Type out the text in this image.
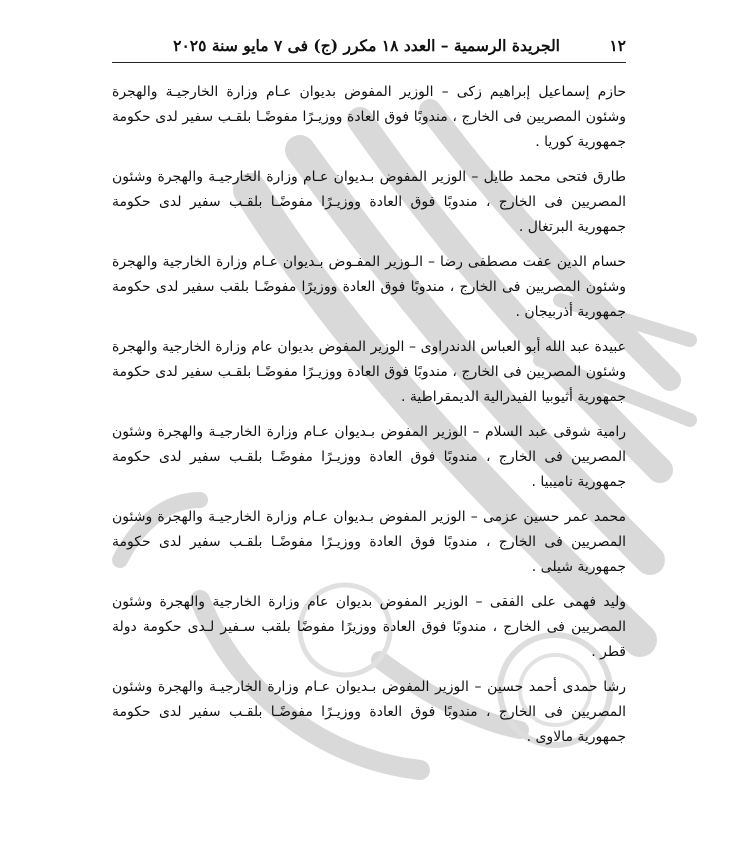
١٢
الجريدة الرسمية – العدد ١٨ مكرر (ج) فى ٧ مايو سنة ٢٠٢٥

حازم إسماعيل إبراهيم زكى – الوزير المفوض بديوان عـام وزارة الخارجيـة والهجرة وشئون المصريين فى الخارج ، مندوبًا فوق العادة ووزيـرًا مفوضًـا بلقـب سفير لدى حكومة جمهورية كوريا .

طارق فتحى محمد طايل – الوزير المفوض بـديوان عـام وزارة الخارجيـة والهجرة وشئون المصريين فى الخارج ، مندوبًا فوق العادة ووزيـرًا مفوضًـا بلقـب سفير لدى حكومة جمهورية البرتغال .

حسام الدين عفت مصطفى رضا – الـوزير المفـوض بـديوان عـام وزارة الخارجية والهجرة وشئون المصريين فى الخارج ، مندوبًا فوق العادة ووزيرًا مفوضًـا بلقب سفير لدى حكومة جمهورية أذربيجان .

عبيدة عبد الله أبو العباس الدندراوى – الوزير المفوض بديوان عام وزارة الخارجية والهجرة وشئون المصريين فى الخارج ، مندوبًا فوق العادة ووزيـرًا مفوضًـا بلقـب سفير لدى حكومة جمهورية أثيوبيا الفيدرالية الديمقراطية .

رامية شوقى عبد السلام – الوزير المفوض بـديوان عـام وزارة الخارجيـة والهجرة وشئون المصريين فى الخارج ، مندوبًا فوق العادة ووزيـرًا مفوضًـا بلقـب سفير لدى حكومة جمهورية ناميبيا .

محمد عمر حسين عزمى – الوزير المفوض بـديوان عـام وزارة الخارجيـة والهجرة وشئون المصريين فى الخارج ، مندوبًا فوق العادة ووزيـرًا مفوضًـا بلقـب سفير لدى حكومة جمهورية شيلى .

وليد فهمى على الفقى – الوزير المفوض بديوان عام وزارة الخارجية والهجرة وشئون المصريين فى الخارج ، مندوبًا فوق العادة ووزيرًا مفوضًا بلقب سـفير لـدى حكومة دولة قطر .

رشا حمدى أحمد حسين – الوزير المفوض بـديوان عـام وزارة الخارجيـة والهجرة وشئون المصريين فى الخارج ، مندوبًا فوق العادة ووزيـرًا مفوضًـا بلقـب سفير لدى حكومة جمهورية مالاوى .
